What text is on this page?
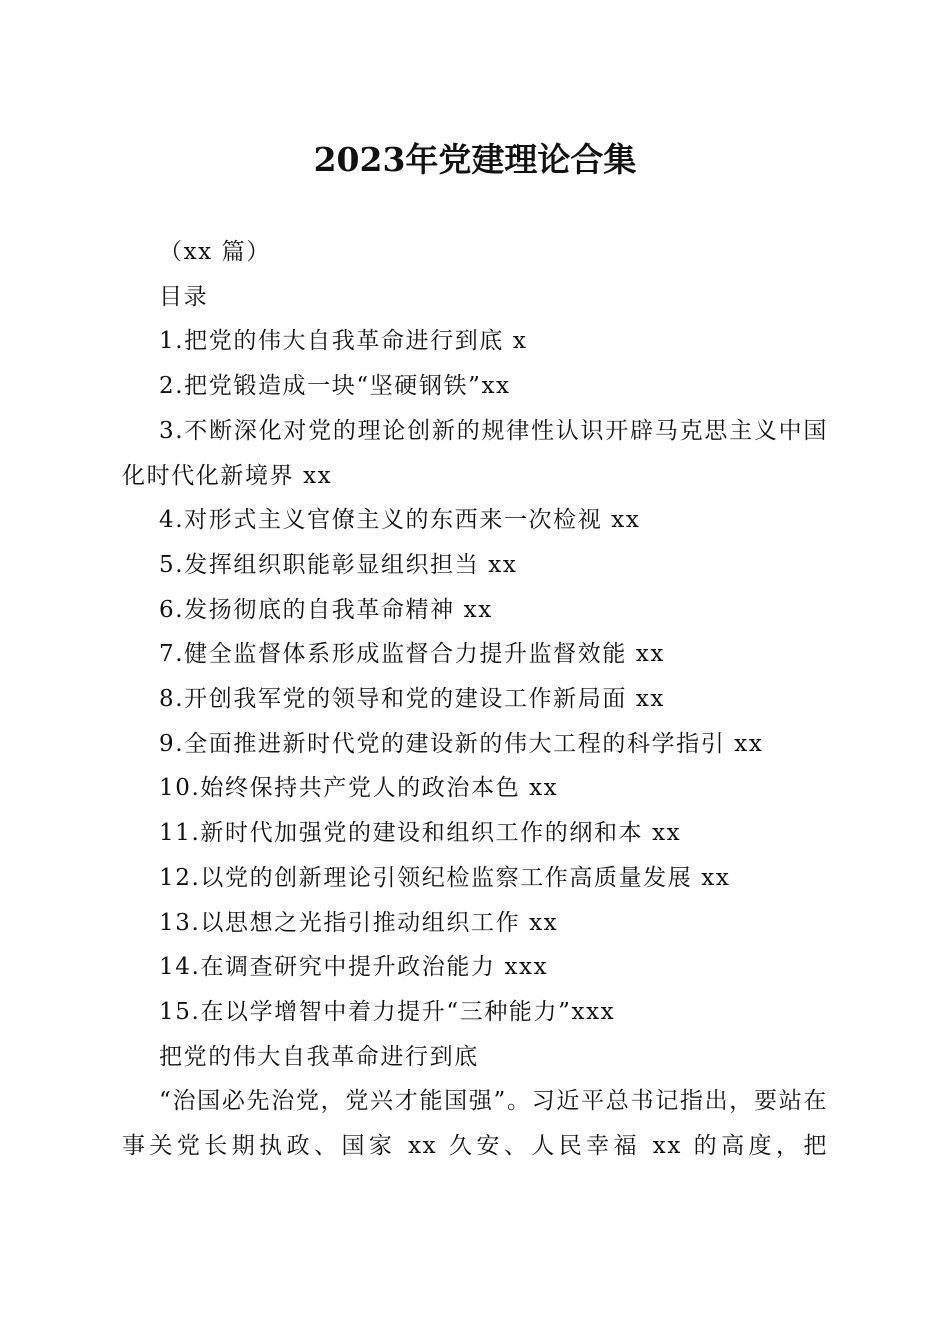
2023年党建理论合集

（xx 篇）

目录

1.把党的伟大自我革命进行到底 x

2.把党锻造成一块“坚硬钢铁”xx

3.不断深化对党的理论创新的规律性认识开辟马克思主义中国化时代化新境界 xx

4.对形式主义官僚主义的东西来一次检视 xx

5.发挥组织职能彰显组织担当 xx

6.发扬彻底的自我革命精神 xx

7.健全监督体系形成监督合力提升监督效能 xx

8.开创我军党的领导和党的建设工作新局面 xx

9.全面推进新时代党的建设新的伟大工程的科学指引 xx

10.始终保持共产党人的政治本色 xx

11.新时代加强党的建设和组织工作的纲和本 xx

12.以党的创新理论引领纪检监察工作高质量发展 xx

13.以思想之光指引推动组织工作 xx

14.在调查研究中提升政治能力 xxx

15.在以学增智中着力提升“三种能力”xxx

把党的伟大自我革命进行到底

“治国必先治党，党兴才能国强”。习近平总书记指出，要站在事关党长期执政、国家 xx 久安、人民幸福 xx 的高度，把
